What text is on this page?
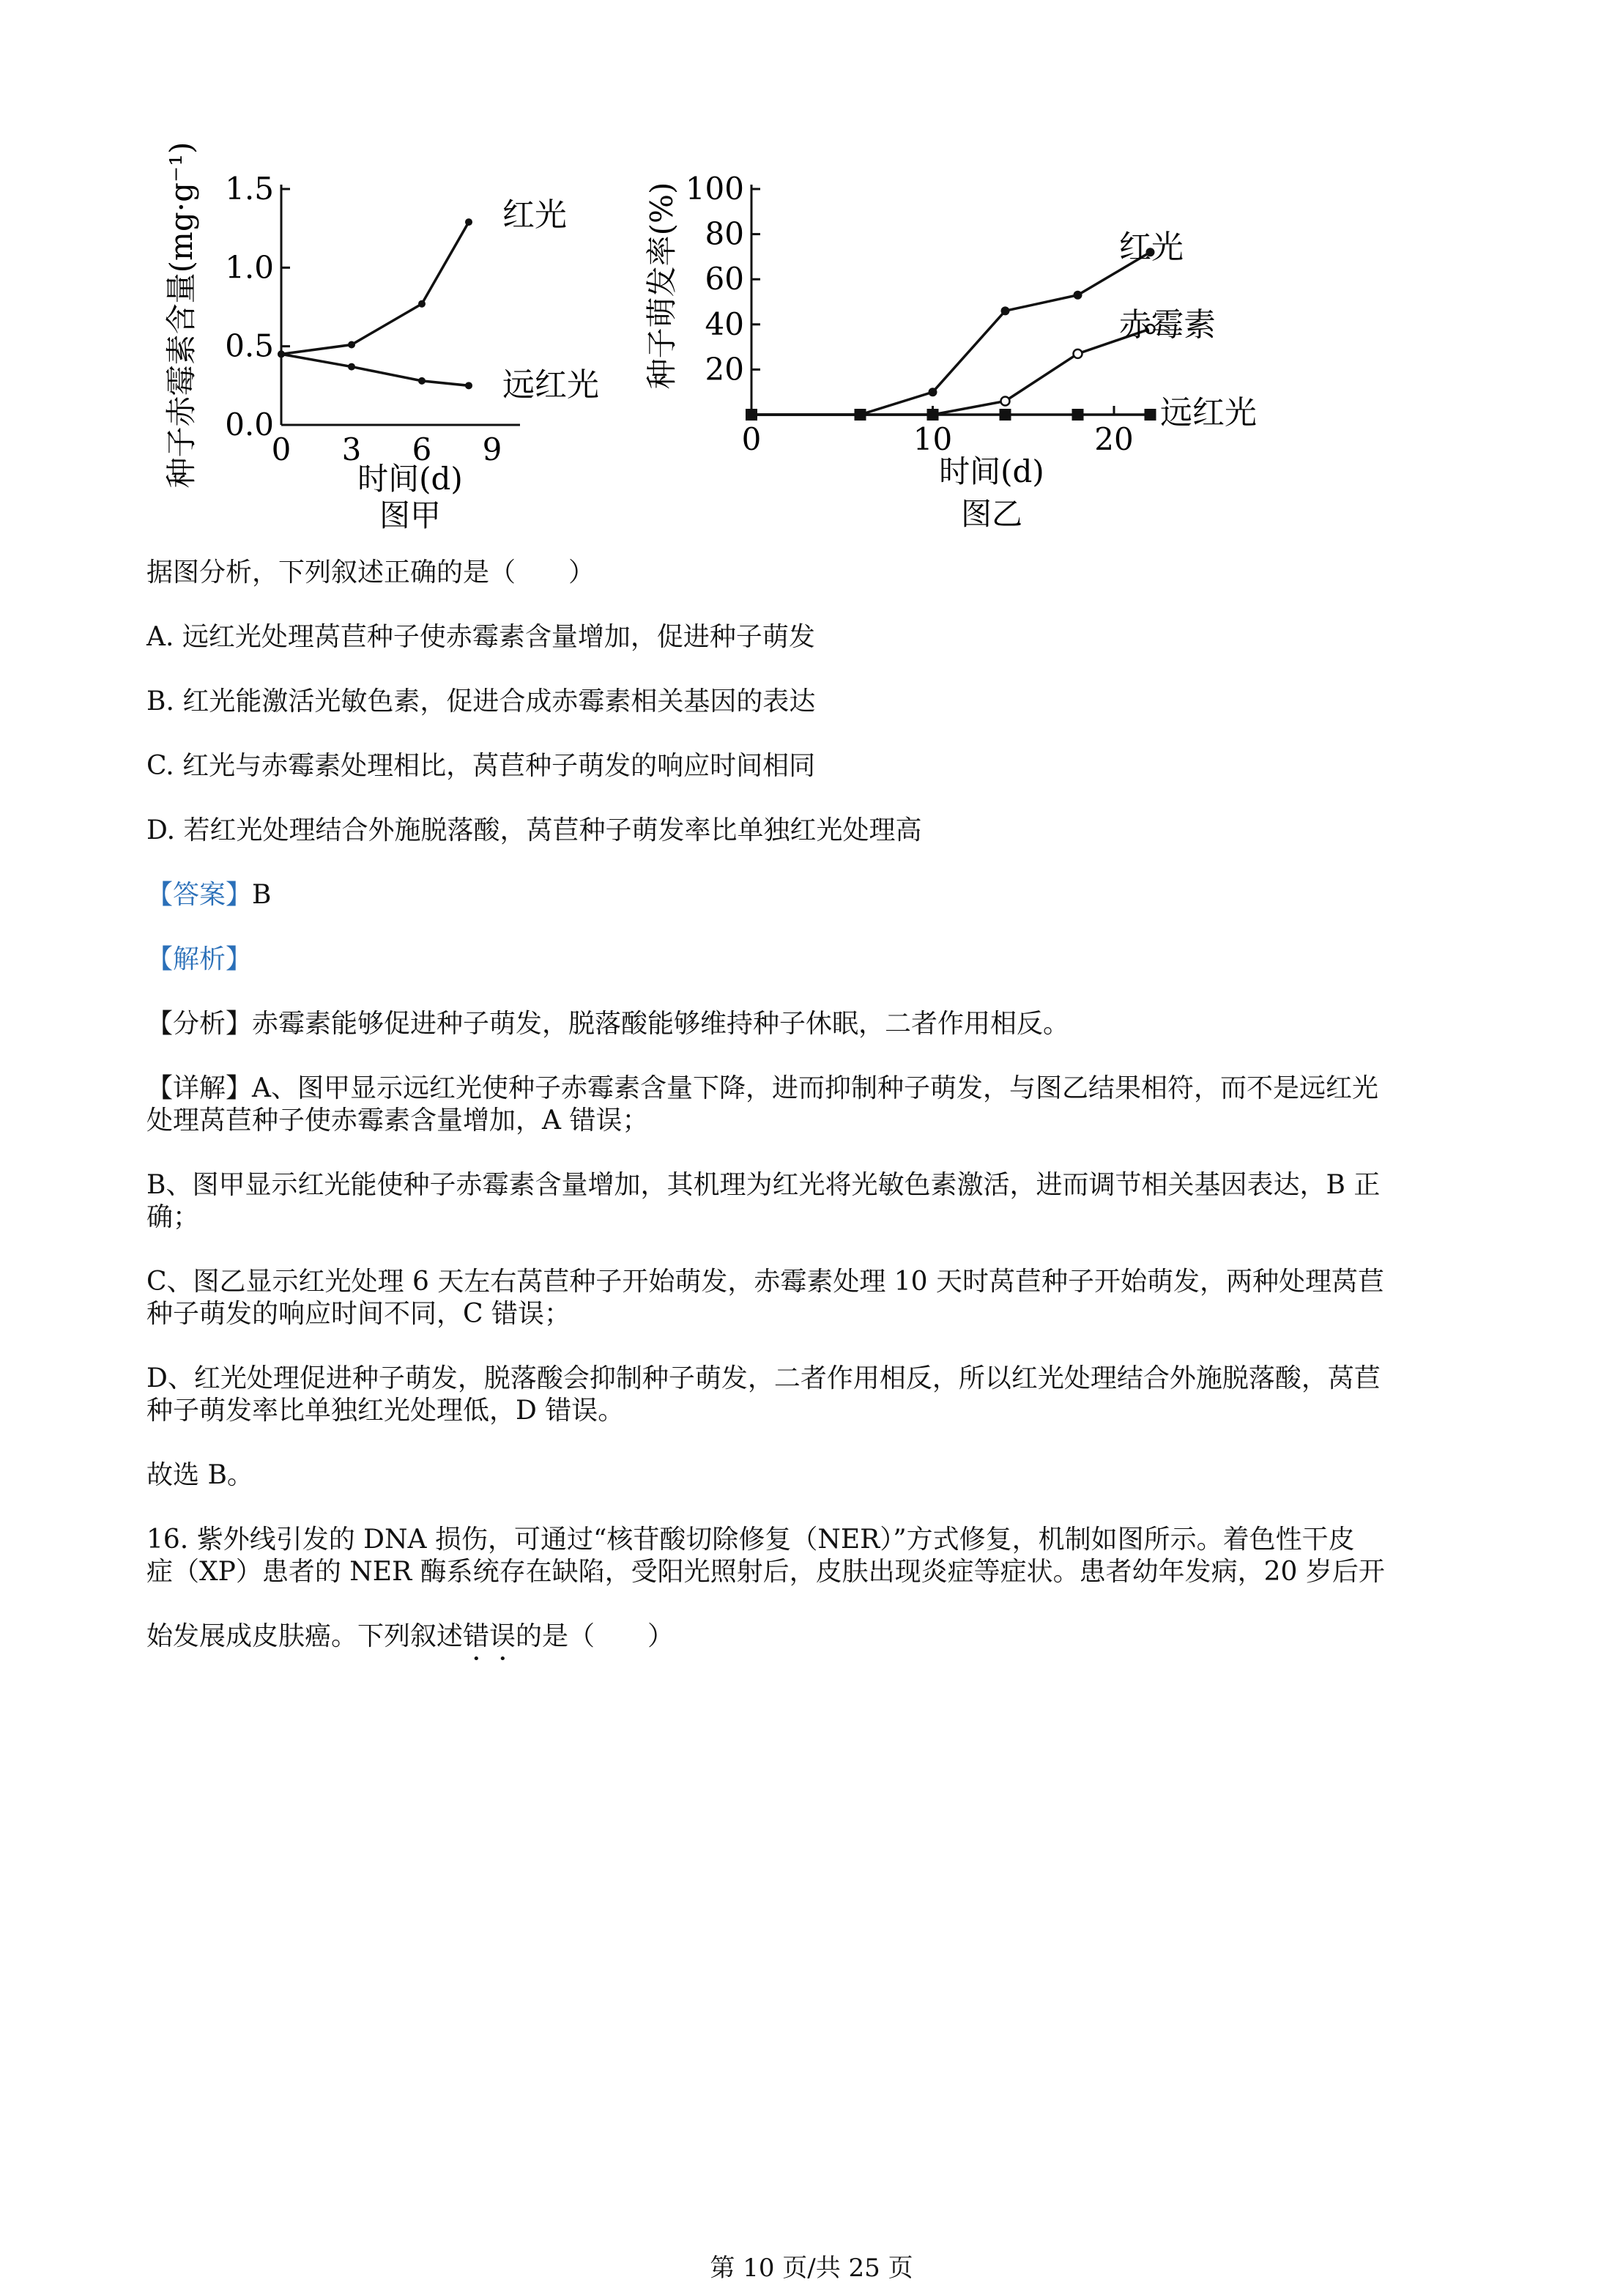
种子赤霉素含量(mg·g⁻¹)	时间(d)
图甲
0.0
0.5
1.0
1.5
0 3 6 9
红光
远红光 种子萌发率(%)
时间(d)
图乙
20
40
60
80
100
0	10	20
红光
赤霉素
远红光

据图分析，下列叙述正确的是（　　）

A. 远红光处理莴苣种子使赤霉素含量增加，促进种子萌发

B. 红光能激活光敏色素，促进合成赤霉素相关基因的表达

C. 红光与赤霉素处理相比，莴苣种子萌发的响应时间相同

D. 若红光处理结合外施脱落酸，莴苣种子萌发率比单独红光处理高

【答案】B

【解析】

【分析】赤霉素能够促进种子萌发，脱落酸能够维持种子休眠，二者作用相反。

【详解】A、图甲显示远红光使种子赤霉素含量下降，进而抑制种子萌发，与图乙结果相符，而不是远红光

处理莴苣种子使赤霉素含量增加，A 错误；

B、图甲显示红光能使种子赤霉素含量增加，其机理为红光将光敏色素激活，进而调节相关基因表达，B 正

确；

C、图乙显示红光处理 6 天左右莴苣种子开始萌发，赤霉素处理 10 天时莴苣种子开始萌发，两种处理莴苣

种子萌发的响应时间不同，C 错误；

D、红光处理促进种子萌发，脱落酸会抑制种子萌发，二者作用相反，所以红光处理结合外施脱落酸，莴苣

种子萌发率比单独红光处理低，D 错误。

故选 B。

16. 紫外线引发的 DNA 损伤，可通过“核苷酸切除修复（NER）”方式修复，机制如图所示。着色性干皮

症（XP）患者的 NER 酶系统存在缺陷，受阳光照射后，皮肤出现炎症等症状。患者幼年发病，20 岁后开

始发展成皮肤癌。下列叙述错误的是（　　）

第 10 页/共 25 页
